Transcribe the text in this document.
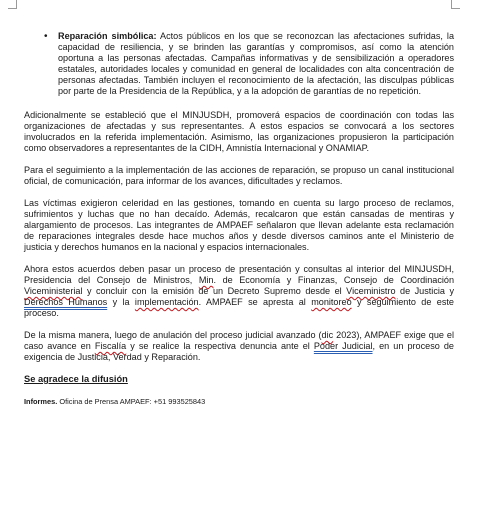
• Reparación simbólica: Actos públicos en los que se reconozcan las afectaciones sufridas, la capacidad de resiliencia, y se brinden las garantías y compromisos, así como la atención oportuna a las personas afectadas. Campañas informativas y de sensibilización a operadores estatales, autoridades locales y comunidad en general de localidades con alta concentración de personas afectadas. También incluyen el reconocimiento de la afectación, las disculpas públicas por parte de la Presidencia de la República, y a la adopción de garantías de no repetición.

Adicionalmente se estableció que el MINJUSDH, promoverá espacios de coordinación con todas las organizaciones de afectadas y sus representantes. A estos espacios se convocará a los sectores involucrados en la referida implementación. Asimismo, las organizaciones propusieron la participación como observadores a representantes de la CIDH, Amnistía Internacional y ONAMIAP.

Para el seguimiento a la implementación de las acciones de reparación, se propuso un canal institucional oficial, de comunicación, para informar de los avances, dificultades y reclamos.

Las víctimas exigieron celeridad en las gestiones, tomando en cuenta su largo proceso de reclamos, sufrimientos y luchas que no han decaído. Además, recalcaron que están cansadas de mentiras y alargamiento de procesos. Las integrantes de AMPAEF señalaron que llevan adelante esta reclamación de reparaciones integrales desde hace muchos años y desde diversos caminos ante el Ministerio de justicia y derechos humanos en la nacional y espacios internacionales.

Ahora estos acuerdos deben pasar un proceso de presentación y consultas al interior del MINJUSDH, Presidencia del Consejo de Ministros, Min. de Economía y Finanzas, Consejo de Coordinación Viceministerial y concluir con la emisión de un Decreto Supremo desde el Viceministro de Justicia y Derechos Humanos y la implementación. AMPAEF se apresta al monitoreo y seguimiento de este proceso.

De la misma manera, luego de anulación del proceso judicial avanzado (dic 2023), AMPAEF exige que el caso avance en Fiscalía y se realice la respectiva denuncia ante el Poder Judicial, en un proceso de exigencia de Justicia, Verdad y Reparación.

Se agradece la difusión
Informes. Oficina de Prensa AMPAEF: +51 993525843
